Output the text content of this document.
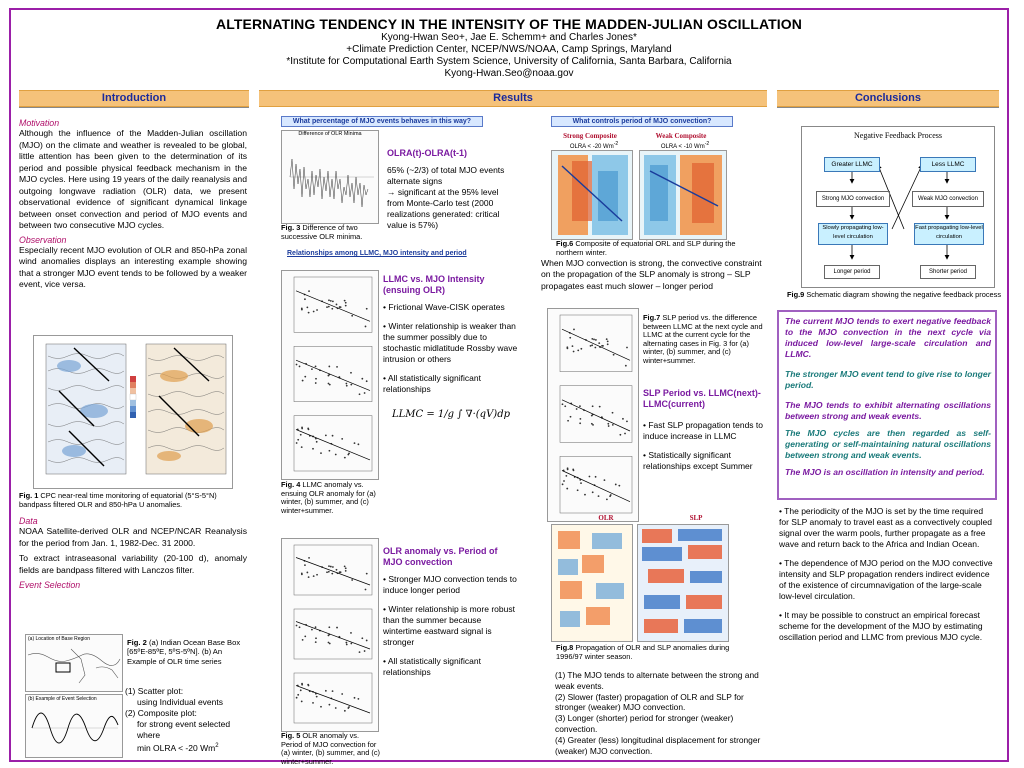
ALTERNATING TENDENCY IN THE INTENSITY OF THE MADDEN-JULIAN OSCILLATION
Kyong-Hwan Seo+, Jae E. Schemm+ and Charles Jones*
+Climate Prediction Center, NCEP/NWS/NOAA, Camp Springs, Maryland
*Institute for Computational Earth System Science, University of California, Santa Barbara, California
Kyong-Hwan.Seo@noaa.gov
Introduction	Results	Conclusions

Motivation

Although the influence of the Madden-Julian oscillation (MJO) on the climate and weather is revealed to be global, little attention has been given to the determination of its period and possible physical feedback mechanism in the MJO cycles. Here using 19 years of the daily reanalysis and outgoing longwave radiation (OLR) data, we present observational evidence of significant dynamical linkage between onset convection and period of MJO events and between two consecutive MJO cycles.

Observation

Especially recent MJO evolution of OLR and 850-hPa zonal wind anomalies displays an interesting example showing that a stronger MJO event tends to be followed by a weaker event, vice versa.

Fig. 1 CPC near-real time monitoring of equatorial (5°S-5°N) bandpass filtered OLR and 850-hPa U anomalies.

Data

NOAA Satellite-derived OLR and NCEP/NCAR Reanalysis for the period from Jan. 1, 1982-Dec. 31 2000.

To extract intraseasonal variability (20-100 d), anomaly fields are bandpass filtered with Lanczos filter.

Event Selection

(a) Location of Base Region
(b) Example of Event Selection
Fig. 2 (a) Indian Ocean Base Box [65ºE-85ºE, 5ºS-5ºN]. (b) An Example of OLR time series
(1) Scatter plot:
using Individual events
(2) Composite plot:
for strong event selected where
min OLRA < -20 Wm$^2$
What percentage of MJO events behaves in this way?
Difference of OLR Minima
Fig. 3 Difference of two successive OLR minima.
OLRA(t)-OLRA(t-1)
65% (~2/3) of total MJO events alternate signs
→ significant at the 95% level from Monte-Carlo test (2000 realizations generated: critical value is 57%)
Relationships among LLMC, MJO intensity and period
Fig. 4 LLMC anomaly vs. ensuing OLR anomaly for (a) winter, (b) summer, and (c) winter+summer.
LLMC vs. MJO Intensity (ensuing OLR)
• Frictional Wave-CISK operates
• Winter relationship is weaker than the summer possibly due to stochastic midlatitude Rossby wave intrusion or others
• All statistically significant relationships
LLMC = 1/g ∫ ∇·(qV)dp
Fig. 5 OLR anomaly vs. Period of MJO convection for (a) winter, (b) summer, and (c) winter+summer.
OLR anomaly vs. Period of MJO convection
• Stronger MJO convection tends to induce longer period
• Winter relationship is more robust than the summer because wintertime eastward signal is stronger
• All statistically significant relationships
What controls period of MJO convection?
Strong Composite	Weak Composite
OLRA < -20 $Wm^{-2}$	OLRA < -10 $Wm^{-2}$
Fig.6 Composite of equatorial ORL and SLP during the northern winter.
When MJO convection is strong, the convective constraint on the propagation of the SLP anomaly is strong – SLP propagates east much slower – longer period
Fig.7 SLP period vs. the difference between LLMC at the next cycle and LLMC at the current cycle for the alternating cases in Fig. 3 for (a) winter, (b) summer, and (c) winter+summer.
SLP Period vs. LLMC(next)-LLMC(current)
• Fast SLP propagation tends to induce increase in LLMC
• Statistically significant relationships except Summer
OLR	SLP
Fig.8 Propagation of OLR and SLP anomalies during 1996/97 winter season.
(1) The MJO tends to alternate between the strong and weak events.
(2) Slower (faster) propagation of OLR and SLP for stronger (weaker) MJO convection.
(3) Longer (shorter) period for stronger (weaker) convection.
(4) Greater (less) longitudinal displacement for stronger (weaker) MJO convection.
Negative Feedback Process
Greater LLMC	Less LLMC
Strong MJO convection	Weak MJO convection
Slowly propagating low-level circulation
Fast propagating low-level circulation
Longer period	Shorter period
Fig.9 Schematic diagram showing the negative feedback process
The current MJO tends to exert negative feedback to the MJO convection in the next cycle via induced low-level large-scale circulation and LLMC.
The stronger MJO event tend to give rise to longer period.
The MJO tends to exhibit alternating oscillations between strong and weak events.
The MJO cycles are then regarded as self-generating or self-maintaining natural oscillations between strong and weak events.
The MJO is an oscillation in intensity and period.
• The periodicity of the MJO is set by the time required for SLP anomaly to travel east as a convectively coupled signal over the warm pools, further propagate as a free wave and return back to the Africa and Indian Ocean.
• The dependence of MJO period on the MJO convective intensity and SLP propagation renders indirect evidence of the existence of circumnavigation of the large-scale low-level circulation.
• It may be possible to construct an empirical forecast scheme for the development of the MJO by estimating oscillation period and LLMC from previous MJO cycle.
